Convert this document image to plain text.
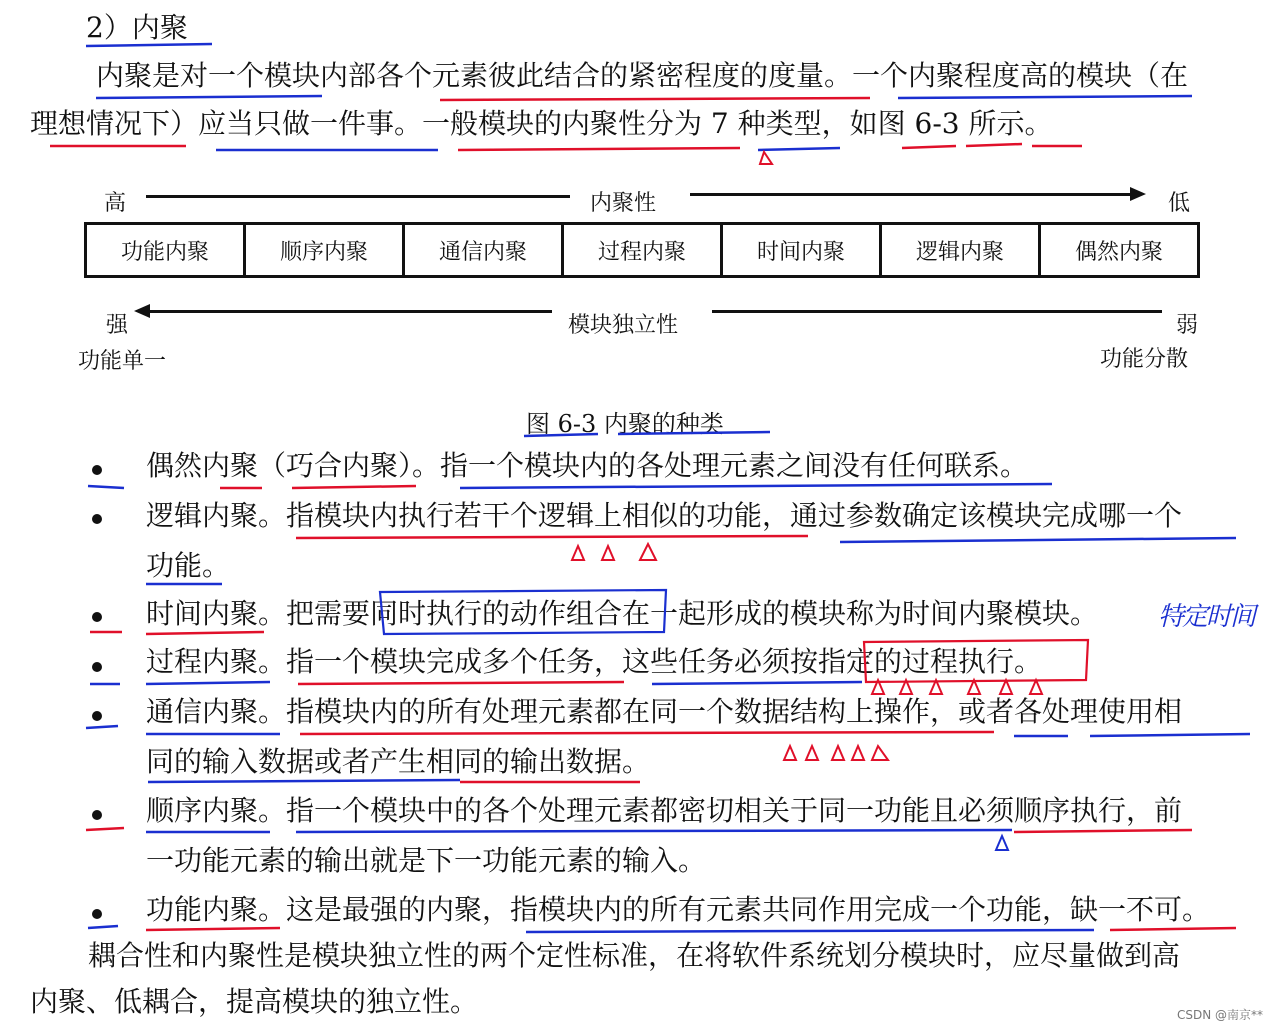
2）内聚
内聚是对一个模块内部各个元素彼此结合的紧密程度的度量。一个内聚程度高的模块（在
理想情况下）应当只做一件事。一般模块的内聚性分为 7 种类型，如图 6-3 所示。
高	内聚性	低
功能内聚	顺序内聚	通信内聚	过程内聚	时间内聚	逻辑内聚	偶然内聚
强	模块独立性	弱
功能单一	功能分散
图 6-3 内聚的种类
偶然内聚（巧合内聚）。指一个模块内的各处理元素之间没有任何联系。
逻辑内聚。指模块内执行若干个逻辑上相似的功能，通过参数确定该模块完成哪一个
功能。
时间内聚。把需要同时执行的动作组合在一起形成的模块称为时间内聚模块。
过程内聚。指一个模块完成多个任务，这些任务必须按指定的过程执行。
通信内聚。指模块内的所有处理元素都在同一个数据结构上操作，或者各处理使用相
同的输入数据或者产生相同的输出数据。
顺序内聚。指一个模块中的各个处理元素都密切相关于同一功能且必须顺序执行，前
一功能元素的输出就是下一功能元素的输入。
功能内聚。这是最强的内聚，指模块内的所有元素共同作用完成一个功能，缺一不可。
耦合性和内聚性是模块独立性的两个定性标准，在将软件系统划分模块时，应尽量做到高
内聚、低耦合，提高模块的独立性。
特定时间
CSDN @南京**
